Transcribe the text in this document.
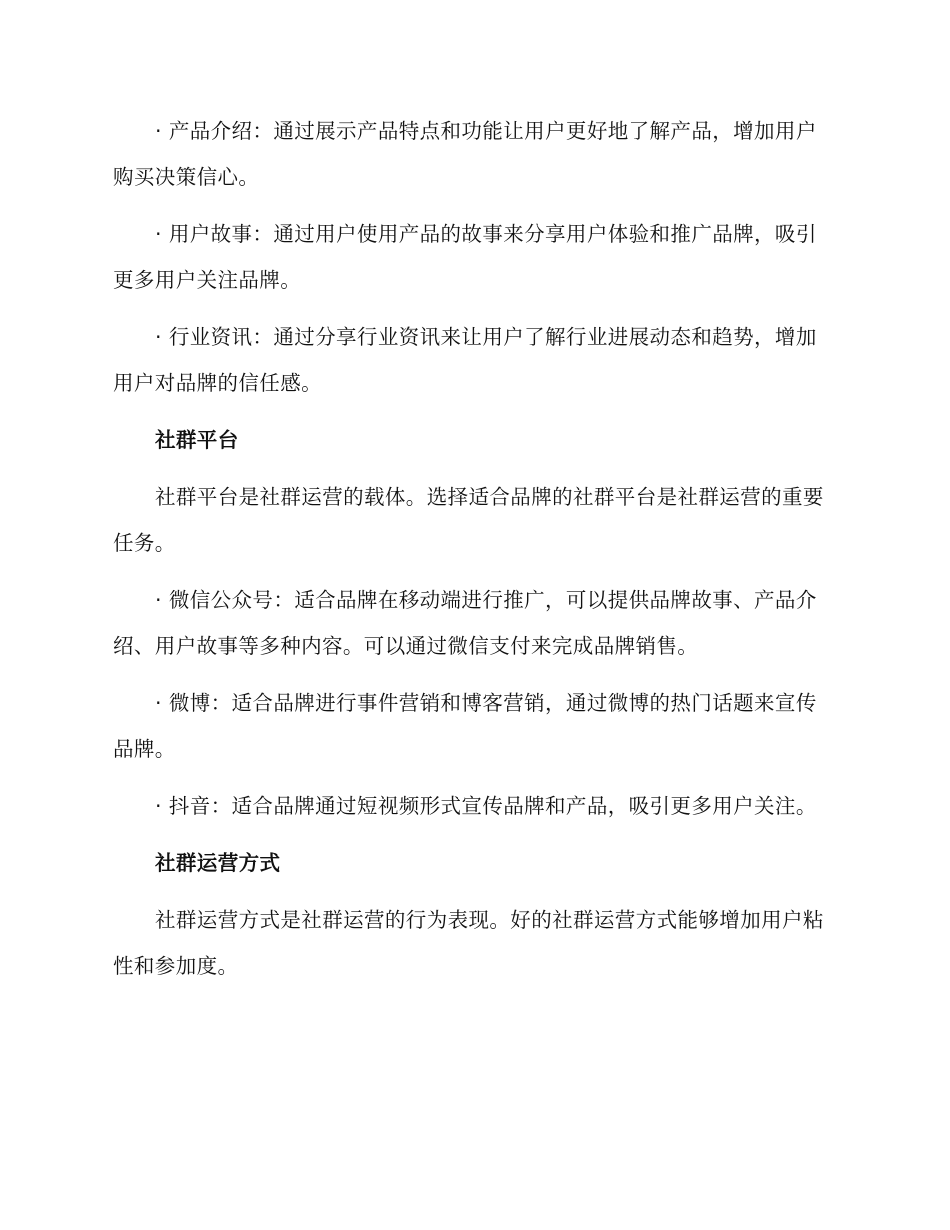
· 产品介绍：通过展示产品特点和功能让用户更好地了解产品，增加用户购买决策信心。

· 用户故事：通过用户使用产品的故事来分享用户体验和推广品牌，吸引更多用户关注品牌。

· 行业资讯：通过分享行业资讯来让用户了解行业进展动态和趋势，增加用户对品牌的信任感。

社群平台

社群平台是社群运营的载体。选择适合品牌的社群平台是社群运营的重要任务。

· 微信公众号：适合品牌在移动端进行推广，可以提供品牌故事、产品介绍、用户故事等多种内容。可以通过微信支付来完成品牌销售。

· 微博：适合品牌进行事件营销和博客营销，通过微博的热门话题来宣传品牌。

· 抖音：适合品牌通过短视频形式宣传品牌和产品，吸引更多用户关注。

社群运营方式

社群运营方式是社群运营的行为表现。好的社群运营方式能够增加用户粘性和参加度。
